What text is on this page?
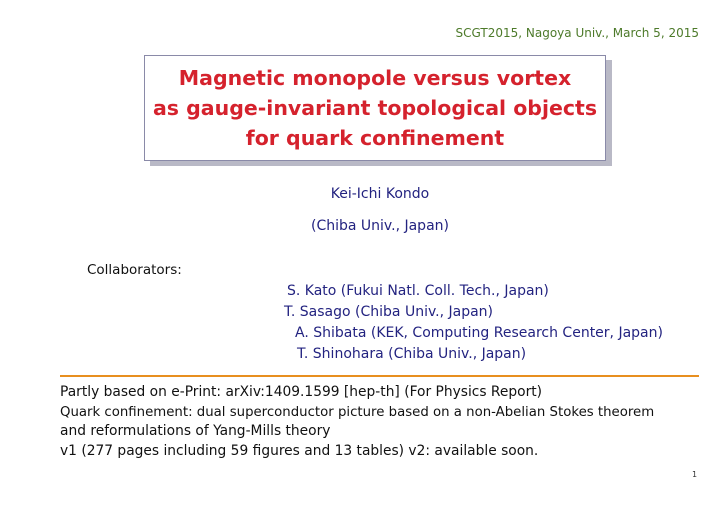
SCGT2015, Nagoya Univ., March 5, 2015
Magnetic monopole versus vortex
as gauge-invariant topological objects
for quark confinement
Kei-Ichi Kondo
(Chiba Univ., Japan)
Collaborators:
S. Kato (Fukui Natl. Coll. Tech., Japan)
T. Sasago (Chiba Univ., Japan)
A. Shibata (KEK, Computing Research Center, Japan)
T. Shinohara (Chiba Univ., Japan)
Partly based on e-Print: arXiv:1409.1599 [hep-th] (For Physics Report)
Quark confinement: dual superconductor picture based on a non-Abelian Stokes theorem
and reformulations of Yang-Mills theory
v1 (277 pages including 59 figures and 13 tables) v2: available soon.
1
